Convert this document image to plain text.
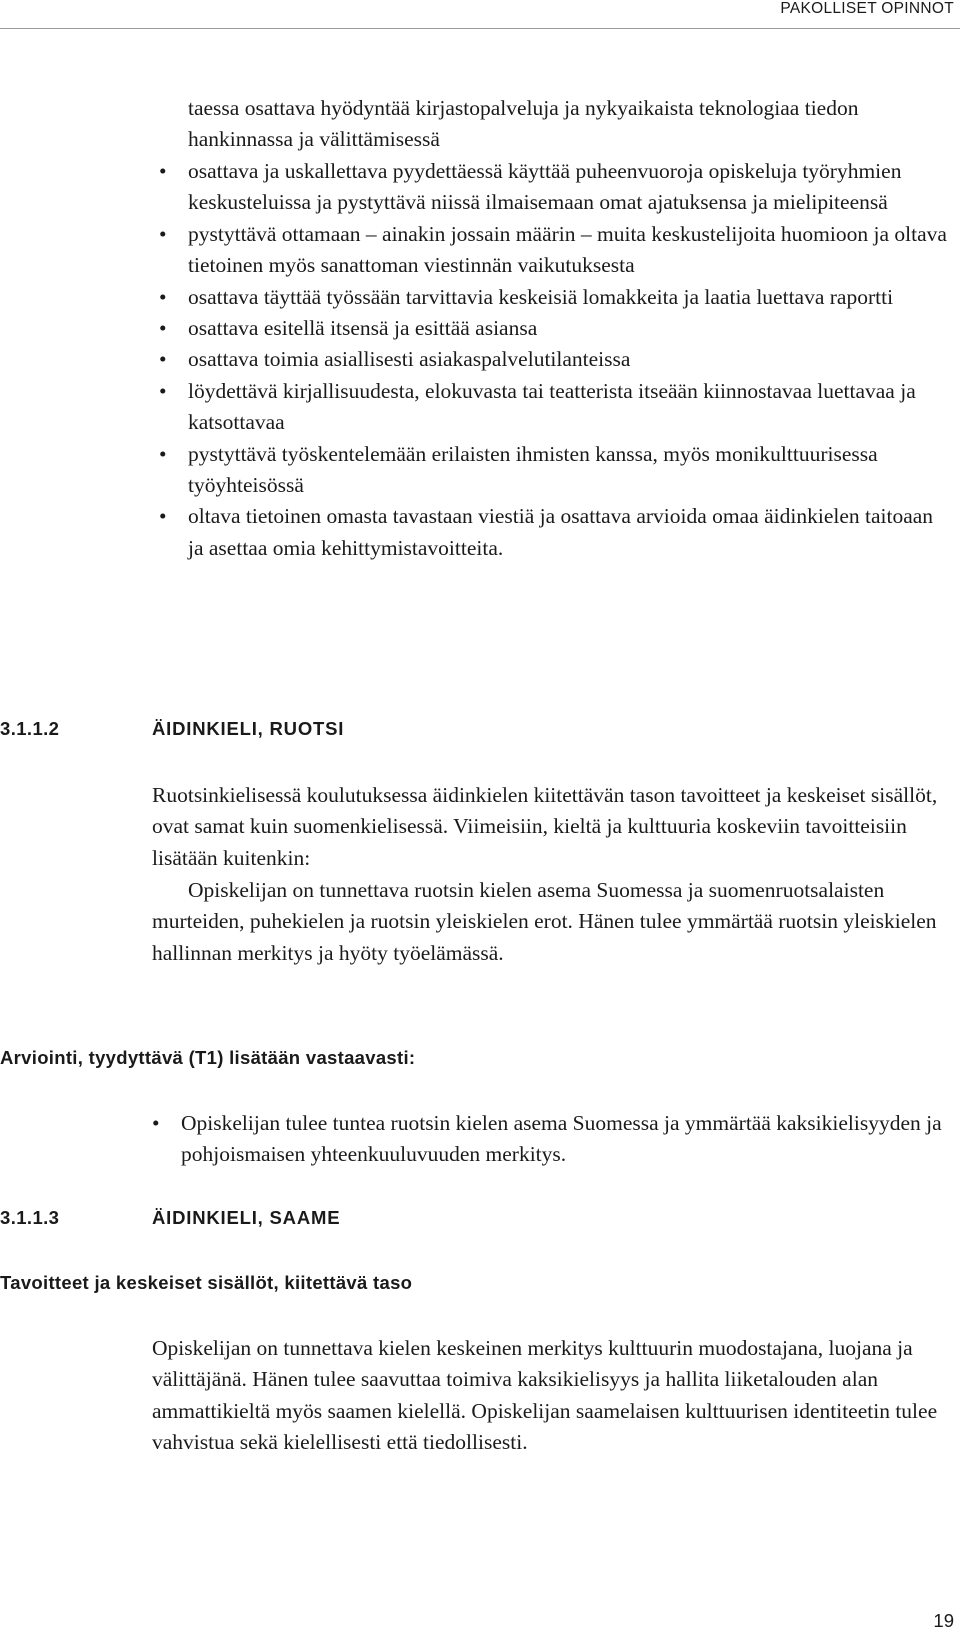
PAKOLLISET OPINNOT
taessa osattava hyödyntää kirjastopalveluja ja nykyaikaista teknologiaa tiedon hankinnassa ja välittämisessä
• osattava ja uskallettava pyydettäessä käyttää puheenvuoroja opiskeluja työryhmien keskusteluissa ja pystyttävä niissä ilmaisemaan omat ajatuksensa ja mielipiteensä
• pystyttävä ottamaan – ainakin jossain määrin – muita keskustelijoita huomioon ja oltava tietoinen myös sanattoman viestinnän vaikutuksesta
• osattava täyttää työssään tarvittavia keskeisiä lomakkeita ja laatia luettava raportti
• osattava esitellä itsensä ja esittää asiansa
• osattava toimia asiallisesti asiakaspalvelutilanteissa
• löydettävä kirjallisuudesta, elokuvasta tai teatterista itseään kiinnostavaa luettavaa ja katsottavaa
• pystyttävä työskentelemään erilaisten ihmisten kanssa, myös monikulttuurisessa työyhteisössä
• oltava tietoinen omasta tavastaan viestiä ja osattava arvioida omaa äidinkielen taitoaan ja asettaa omia kehittymistavoitteita.
3.1.1.2	ÄIDINKIELI, RUOTSI

Ruotsinkielisessä koulutuksessa äidinkielen kiitettävän tason tavoitteet ja keskeiset sisällöt, ovat samat kuin suomenkielisessä. Viimeisiin, kieltä ja kulttuuria koskeviin tavoitteisiin lisätään kuitenkin:

Opiskelijan on tunnettava ruotsin kielen asema Suomessa ja suomenruotsalaisten murteiden, puhekielen ja ruotsin yleiskielen erot. Hänen tulee ymmärtää ruotsin yleiskielen hallinnan merkitys ja hyöty työelämässä.

Arviointi, tyydyttävä (T1) lisätään vastaavasti:
• Opiskelijan tulee tuntea ruotsin kielen asema Suomessa ja ymmärtää kaksikielisyyden ja pohjoismaisen yhteenkuuluvuuden merkitys.
3.1.1.3	ÄIDINKIELI, SAAME
Tavoitteet ja keskeiset sisällöt, kiitettävä taso

Opiskelijan on tunnettava kielen keskeinen merkitys kulttuurin muodostajana, luojana ja välittäjänä. Hänen tulee saavuttaa toimiva kaksikielisyys ja hallita liiketalouden alan ammattikieltä myös saamen kielellä. Opiskelijan saamelaisen kulttuurisen identiteetin tulee vahvistua sekä kielellisesti että tiedollisesti.

19
